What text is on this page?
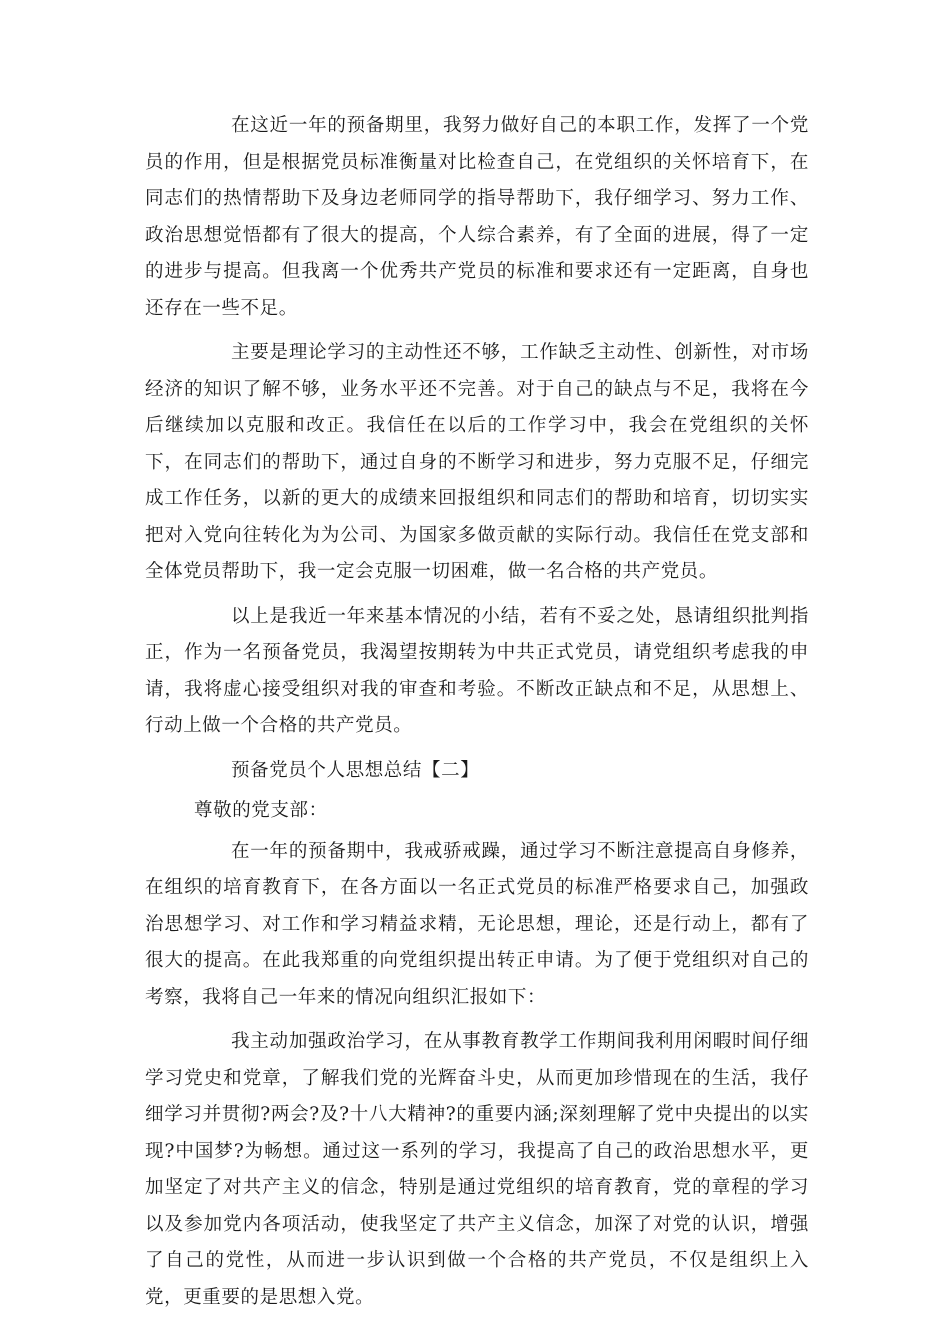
在这近一年的预备期里，我努力做好自己的本职工作，发挥了一个党员的作用，但是根据党员标准衡量对比检查自己，在党组织的关怀培育下，在同志们的热情帮助下及身边老师同学的指导帮助下，我仔细学习、努力工作、政治思想觉悟都有了很大的提高，个人综合素养，有了全面的进展，得了一定的进步与提高。但我离一个优秀共产党员的标准和要求还有一定距离，自身也还存在一些不足。

主要是理论学习的主动性还不够，工作缺乏主动性、创新性，对市场经济的知识了解不够，业务水平还不完善。对于自己的缺点与不足，我将在今后继续加以克服和改正。我信任在以后的工作学习中，我会在党组织的关怀下，在同志们的帮助下，通过自身的不断学习和进步，努力克服不足，仔细完成工作任务，以新的更大的成绩来回报组织和同志们的帮助和培育，切切实实把对入党向往转化为为公司、为国家多做贡献的实际行动。我信任在党支部和全体党员帮助下，我一定会克服一切困难，做一名合格的共产党员。

以上是我近一年来基本情况的小结，若有不妥之处，恳请组织批判指正，作为一名预备党员，我渴望按期转为中共正式党员，请党组织考虑我的申请，我将虚心接受组织对我的审查和考验。不断改正缺点和不足，从思想上、行动上做一个合格的共产党员。

预备党员个人思想总结【二】

尊敬的党支部：

在一年的预备期中，我戒骄戒躁，通过学习不断注意提高自身修养，在组织的培育教育下，在各方面以一名正式党员的标准严格要求自己，加强政治思想学习、对工作和学习精益求精，无论思想，理论，还是行动上，都有了很大的提高。在此我郑重的向党组织提出转正申请。为了便于党组织对自己的考察，我将自己一年来的情况向组织汇报如下：

我主动加强政治学习，在从事教育教学工作期间我利用闲暇时间仔细学习党史和党章，了解我们党的光辉奋斗史，从而更加珍惜现在的生活，我仔细学习并贯彻?两会?及?十八大精神?的重要内涵;深刻理解了党中央提出的以实现?中国梦?为畅想。通过这一系列的学习，我提高了自己的政治思想水平，更加坚定了对共产主义的信念，特别是通过党组织的培育教育，党的章程的学习以及参加党内各项活动，使我坚定了共产主义信念，加深了对党的认识，增强了自己的党性，从而进一步认识到做一个合格的共产党员，不仅是组织上入党，更重要的是思想入党。
